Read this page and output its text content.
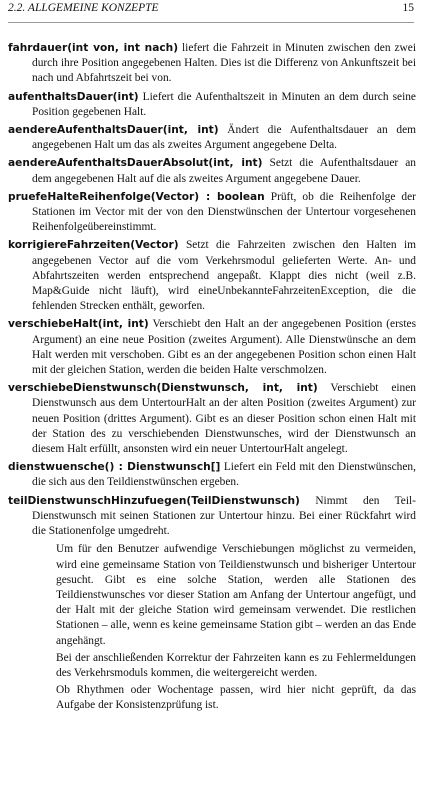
2.2. ALLGEMEINE KONZEPTE	15

fahrdauer(int von, int nach) liefert die Fahrzeit in Minuten zwischen den zwei durch ihre Position angegebenen Halten. Dies ist die Differenz von Ankunftszeit bei nach und Abfahrtszeit bei von.

aufenthaltsDauer(int) Liefert die Aufenthaltszeit in Minuten an dem durch seine Position gegebenen Halt.

aendereAufenthaltsDauer(int, int) Ändert die Aufenthaltsdauer an dem angegebenen Halt um das als zweites Argument angegebene Delta.

aendereAufenthaltsDauerAbsolut(int, int) Setzt die Aufenthaltsdauer an dem angegebenen Halt auf die als zweites Argument angegebene Dauer.

pruefeHalteReihenfolge(Vector) : boolean Prüft, ob die Reihenfolge der Stationen im Vector mit der von den Dienstwünschen der Untertour vorgesehenen Reihenfolgeübereinstimmt.

korrigiereFahrzeiten(Vector) Setzt die Fahrzeiten zwischen den Halten im angegebenen Vector auf die vom Verkehrsmodul gelieferten Werte. An- und Abfahrtszeiten werden entsprechend angepaßt. Klappt dies nicht (weil z.B. Map&Guide nicht läuft), wird eineUnbekannteFahrzeitenException, die die fehlenden Strecken enthält, geworfen.

verschiebeHalt(int, int) Verschiebt den Halt an der angegebenen Position (erstes Argument) an eine neue Position (zweites Argument). Alle Dienstwünsche an dem Halt werden mit verschoben. Gibt es an der angegebenen Position schon einen Halt mit der gleichen Station, werden die beiden Halte verschmolzen.

verschiebeDienstwunsch(Dienstwunsch, int, int) Verschiebt einen Dienstwunsch aus dem UntertourHalt an der alten Position (zweites Argument) zur neuen Position (drittes Argument). Gibt es an dieser Position schon einen Halt mit der Station des zu verschiebenden Dienstwunsches, wird der Dienstwunsch an diesem Halt erfüllt, ansonsten wird ein neuer UntertourHalt angelegt.

dienstwuensche() : Dienstwunsch[] Liefert ein Feld mit den Dienstwünschen, die sich aus den Teildienstwünschen ergeben.

teilDienstwunschHinzufuegen(TeilDienstwunsch) Nimmt den Teil-Dienstwunsch mit seinen Stationen zur Untertour hinzu. Bei einer Rückfahrt wird die Stationenfolge umgedreht.

Um für den Benutzer aufwendige Verschiebungen möglichst zu vermeiden, wird eine gemeinsame Station von Teildienstwunsch und bisheriger Untertour gesucht. Gibt es eine solche Station, werden alle Stationen des Teildienstwunsches vor dieser Station am Anfang der Untertour angefügt, und der Halt mit der gleiche Station wird gemeinsam verwendet. Die restlichen Stationen – alle, wenn es keine gemeinsame Station gibt – werden an das Ende angehängt.

Bei der anschließenden Korrektur der Fahrzeiten kann es zu Fehlermeldungen des Verkehrsmoduls kommen, die weitergereicht werden.

Ob Rhythmen oder Wochentage passen, wird hier nicht geprüft, da das Aufgabe der Konsistenzprüfung ist.
